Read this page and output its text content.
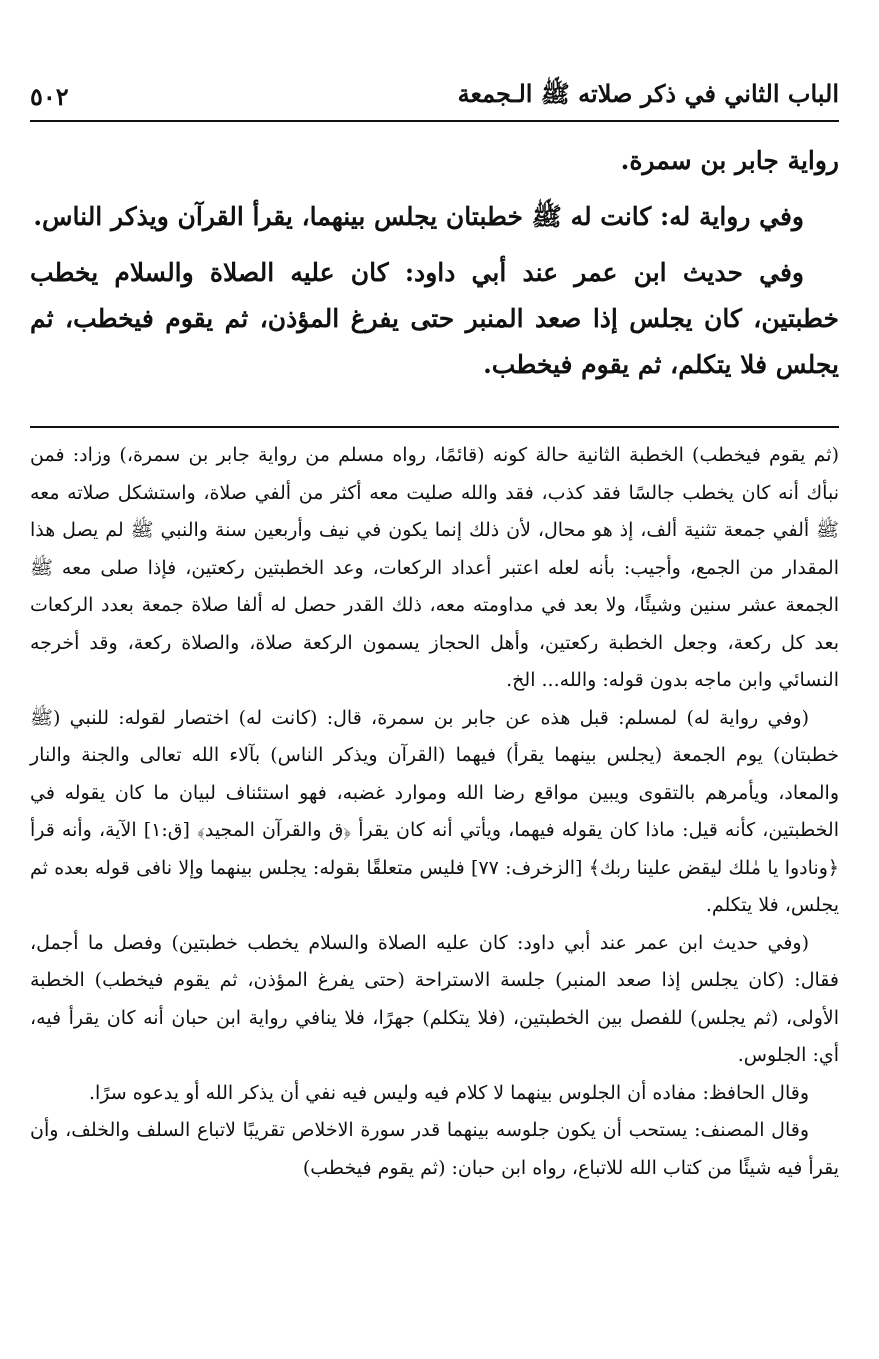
الباب الثاني في ذكر صلاته ﷺ الـجمعة
٥٠٢

رواية جابر بن سمرة.

وفي رواية له: كانت له ﷺ خطبتان يجلس بينهما، يقرأ القرآن ويذكر الناس.

وفي حديث ابن عمر عند أبي داود: كان عليه الصلاة والسلام يخطب خطبتين، كان يجلس إذا صعد المنبر حتى يفرغ المؤذن، ثم يقوم فيخطب، ثم يجلس فلا يتكلم، ثم يقوم فيخطب.

(ثم يقوم فيخطب) الخطبة الثانية حالة كونه (قائمًا، رواه مسلم من رواية جابر بن سمرة،) وزاد: فمن نبأك أنه كان يخطب جالسًا فقد كذب، فقد والله صليت معه أكثر من ألفي صلاة، واستشكل صلاته معه ﷺ ألفي جمعة تثنية ألف، إذ هو محال، لأن ذلك إنما يكون في نيف وأربعين سنة والنبي ﷺ لم يصل هذا المقدار من الجمع، وأجيب: بأنه لعله اعتبر أعداد الركعات، وعد الخطبتين ركعتين، فإذا صلى معه ﷺ الجمعة عشر سنين وشيئًا، ولا بعد في مداومته معه، ذلك القدر حصل له ألفا صلاة جمعة بعدد الركعات بعد كل ركعة، وجعل الخطبة ركعتين، وأهل الحجاز يسمون الركعة صلاة، والصلاة ركعة، وقد أخرجه النسائي وابن ماجه بدون قوله: والله... الخ.

(وفي رواية له) لمسلم: قبل هذه عن جابر بن سمرة، قال: (كانت له) اختصار لقوله: للنبي (ﷺ خطبتان) يوم الجمعة (يجلس بينهما يقرأ) فيهما (القرآن ويذكر الناس) بآلاء الله تعالى والجنة والنار والمعاد، ويأمرهم بالتقوى ويبين مواقع رضا الله وموارد غضبه، فهو استئناف لبيان ما كان يقوله في الخطبتين، كأنه قيل: ماذا كان يقوله فيهما، ويأتي أنه كان يقرأ ﴿ق والقرآن المجيد﴾ [ق:١] الآية، وأنه قرأ ﴿ونادوا يا مٰلك ليقض علينا ربك﴾ [الزخرف: ٧٧] فليس متعلقًا بقوله: يجلس بينهما وإلا نافى قوله بعده ثم يجلس، فلا يتكلم.

(وفي حديث ابن عمر عند أبي داود: كان عليه الصلاة والسلام يخطب خطبتين) وفصل ما أجمل، فقال: (كان يجلس إذا صعد المنبر) جلسة الاستراحة (حتى يفرغ المؤذن، ثم يقوم فيخطب) الخطبة الأولى، (ثم يجلس) للفصل بين الخطبتين، (فلا يتكلم) جهرًا، فلا ينافي رواية ابن حبان أنه كان يقرأ فيه، أي: الجلوس.

وقال الحافظ: مفاده أن الجلوس بينهما لا كلام فيه وليس فيه نفي أن يذكر الله أو يدعوه سرًا.

وقال المصنف: يستحب أن يكون جلوسه بينهما قدر سورة الاخلاص تقريبًا لاتباع السلف والخلف، وأن يقرأ فيه شيئًا من كتاب الله للاتباع، رواه ابن حبان: (ثم يقوم فيخطب)
